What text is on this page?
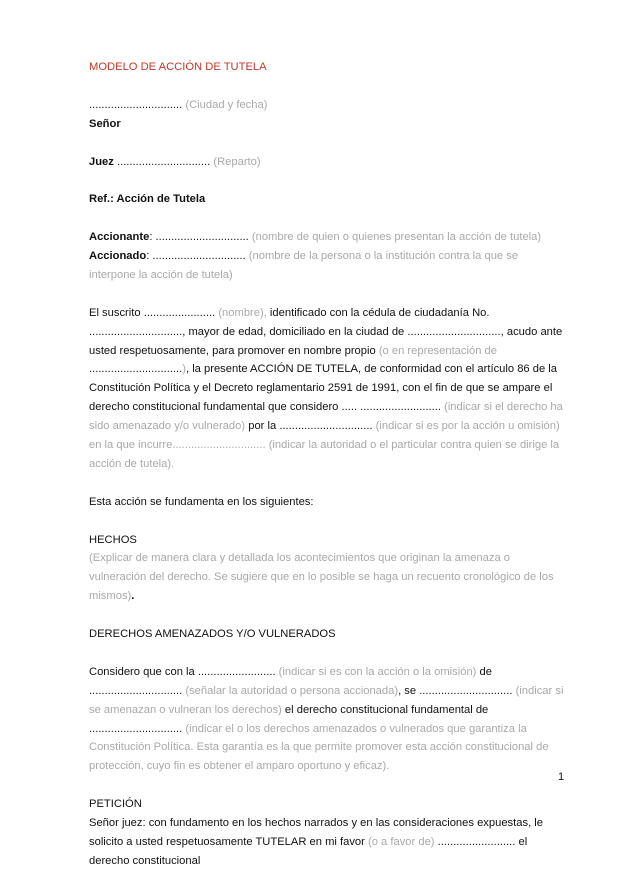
MODELO DE ACCIÓN DE TUTELA

.............................. (Ciudad y fecha)

Señor

Juez .............................. (Reparto)

Ref.: Acción de Tutela

Accionante: .............................. (nombre de quien o quienes presentan la acción de tutela)

Accionado: .............................. (nombre de la persona o la institución contra la que se interpone la acción de tutela)

El suscrito ....................... (nombre), identificado con la cédula de ciudadanía No. .............................., mayor de edad, domiciliado en la ciudad de .............................., acudo ante usted respetuosamente, para promover en nombre propio (o en representación de ..............................), la presente ACCIÓN DE TUTELA, de conformidad con el artículo 86 de la Constitución Política y el Decreto reglamentario 2591 de 1991, con el fin de que se ampare el derecho constitucional fundamental que considero ..... .......................... (indicar si el derecho ha sido amenazado y/o vulnerado) por la .............................. (indicar si es por la acción u omisión) en la que incurre.............................. (indicar la autoridad o el particular contra quien se dirige la acción de tutela).

Esta acción se fundamenta en los siguientes:

HECHOS

(Explicar de manera clara y detallada los acontecimientos que originan la amenaza o vulneración del derecho. Se sugiere que en lo posible se haga un recuento cronológico de los mismos).

DERECHOS AMENAZADOS Y/O VULNERADOS

Considero que con la ......................... (indicar si es con la acción o la omisión) de .............................. (señalar la autoridad o persona accionada), se .............................. (indicar si se amenazan o vulneran los derechos) el derecho constitucional fundamental de .............................. (indicar el o los derechos amenazados o vulnerados que garantiza la Constitución Política. Esta garantía es la que permite promover esta acción constitucional de protección, cuyo fin es obtener el amparo oportuno y eficaz).

PETICIÓN

Señor juez: con fundamento en los hechos narrados y en las consideraciones expuestas, le solicito a usted respetuosamente TUTELAR en mi favor (o a favor de) ......................... el derecho constitucional

1
